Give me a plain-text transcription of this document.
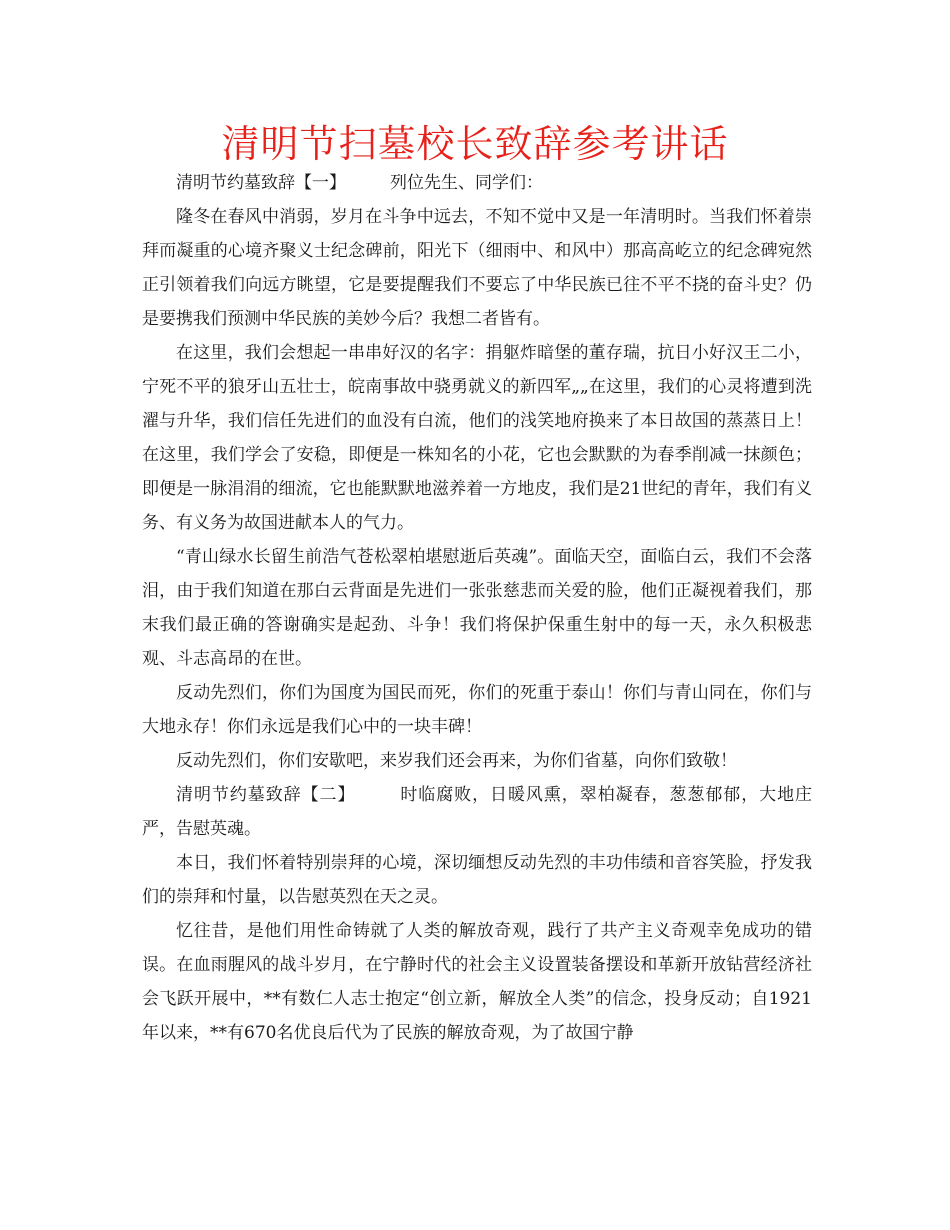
清明节扫墓校长致辞参考讲话

清明节约墓致辞【一】	列位先生、同学们：

隆冬在春风中消弱，岁月在斗争中远去，不知不觉中又是一年清明时。当我们怀着崇拜而凝重的心境齐聚义士纪念碑前，阳光下（细雨中、和风中）那高高屹立的纪念碑宛然正引领着我们向远方眺望，它是要提醒我们不要忘了中华民族已往不平不挠的奋斗史？仍是要携我们预测中华民族的美妙今后？我想二者皆有。

在这里，我们会想起一串串好汉的名字：捐躯炸暗堡的董存瑞，抗日小好汉王二小，宁死不平的狼牙山五壮士，皖南事故中骁勇就义的新四军„„在这里，我们的心灵将遭到洗濯与升华，我们信任先进们的血没有白流，他们的浅笑地府换来了本日故国的蒸蒸日上！在这里，我们学会了安稳，即便是一株知名的小花，它也会默默的为春季削减一抹颜色；即便是一脉涓涓的细流，它也能默默地滋养着一方地皮，我们是21世纪的青年，我们有义务、有义务为故国进献本人的气力。

“青山绿水长留生前浩气苍松翠柏堪慰逝后英魂”。面临天空，面临白云，我们不会落泪，由于我们知道在那白云背面是先进们一张张慈悲而关爱的脸，他们正凝视着我们，那末我们最正确的答谢确实是起劲、斗争！我们将保护保重生射中的每一天，永久积极悲观、斗志高昂的在世。

反动先烈们，你们为国度为国民而死，你们的死重于泰山！你们与青山同在，你们与大地永存！你们永远是我们心中的一块丰碑！

反动先烈们，你们安歇吧，来岁我们还会再来，为你们省墓，向你们致敬！

清明节约墓致辞【二】	时临腐败，日暖风熏，翠柏凝春，葱葱郁郁，大地庄严，告慰英魂。

本日，我们怀着特别崇拜的心境，深切缅想反动先烈的丰功伟绩和音容笑脸，抒发我们的崇拜和忖量，以告慰英烈在天之灵。

忆往昔，是他们用性命铸就了人类的解放奇观，践行了共产主义奇观幸免成功的错误。在血雨腥风的战斗岁月，在宁静时代的社会主义设置装备摆设和革新开放钻营经济社会飞跃开展中，**有数仁人志士抱定“创立新，解放全人类”的信念，投身反动；自1921年以来，**有670名优良后代为了民族的解放奇观，为了故国宁静
